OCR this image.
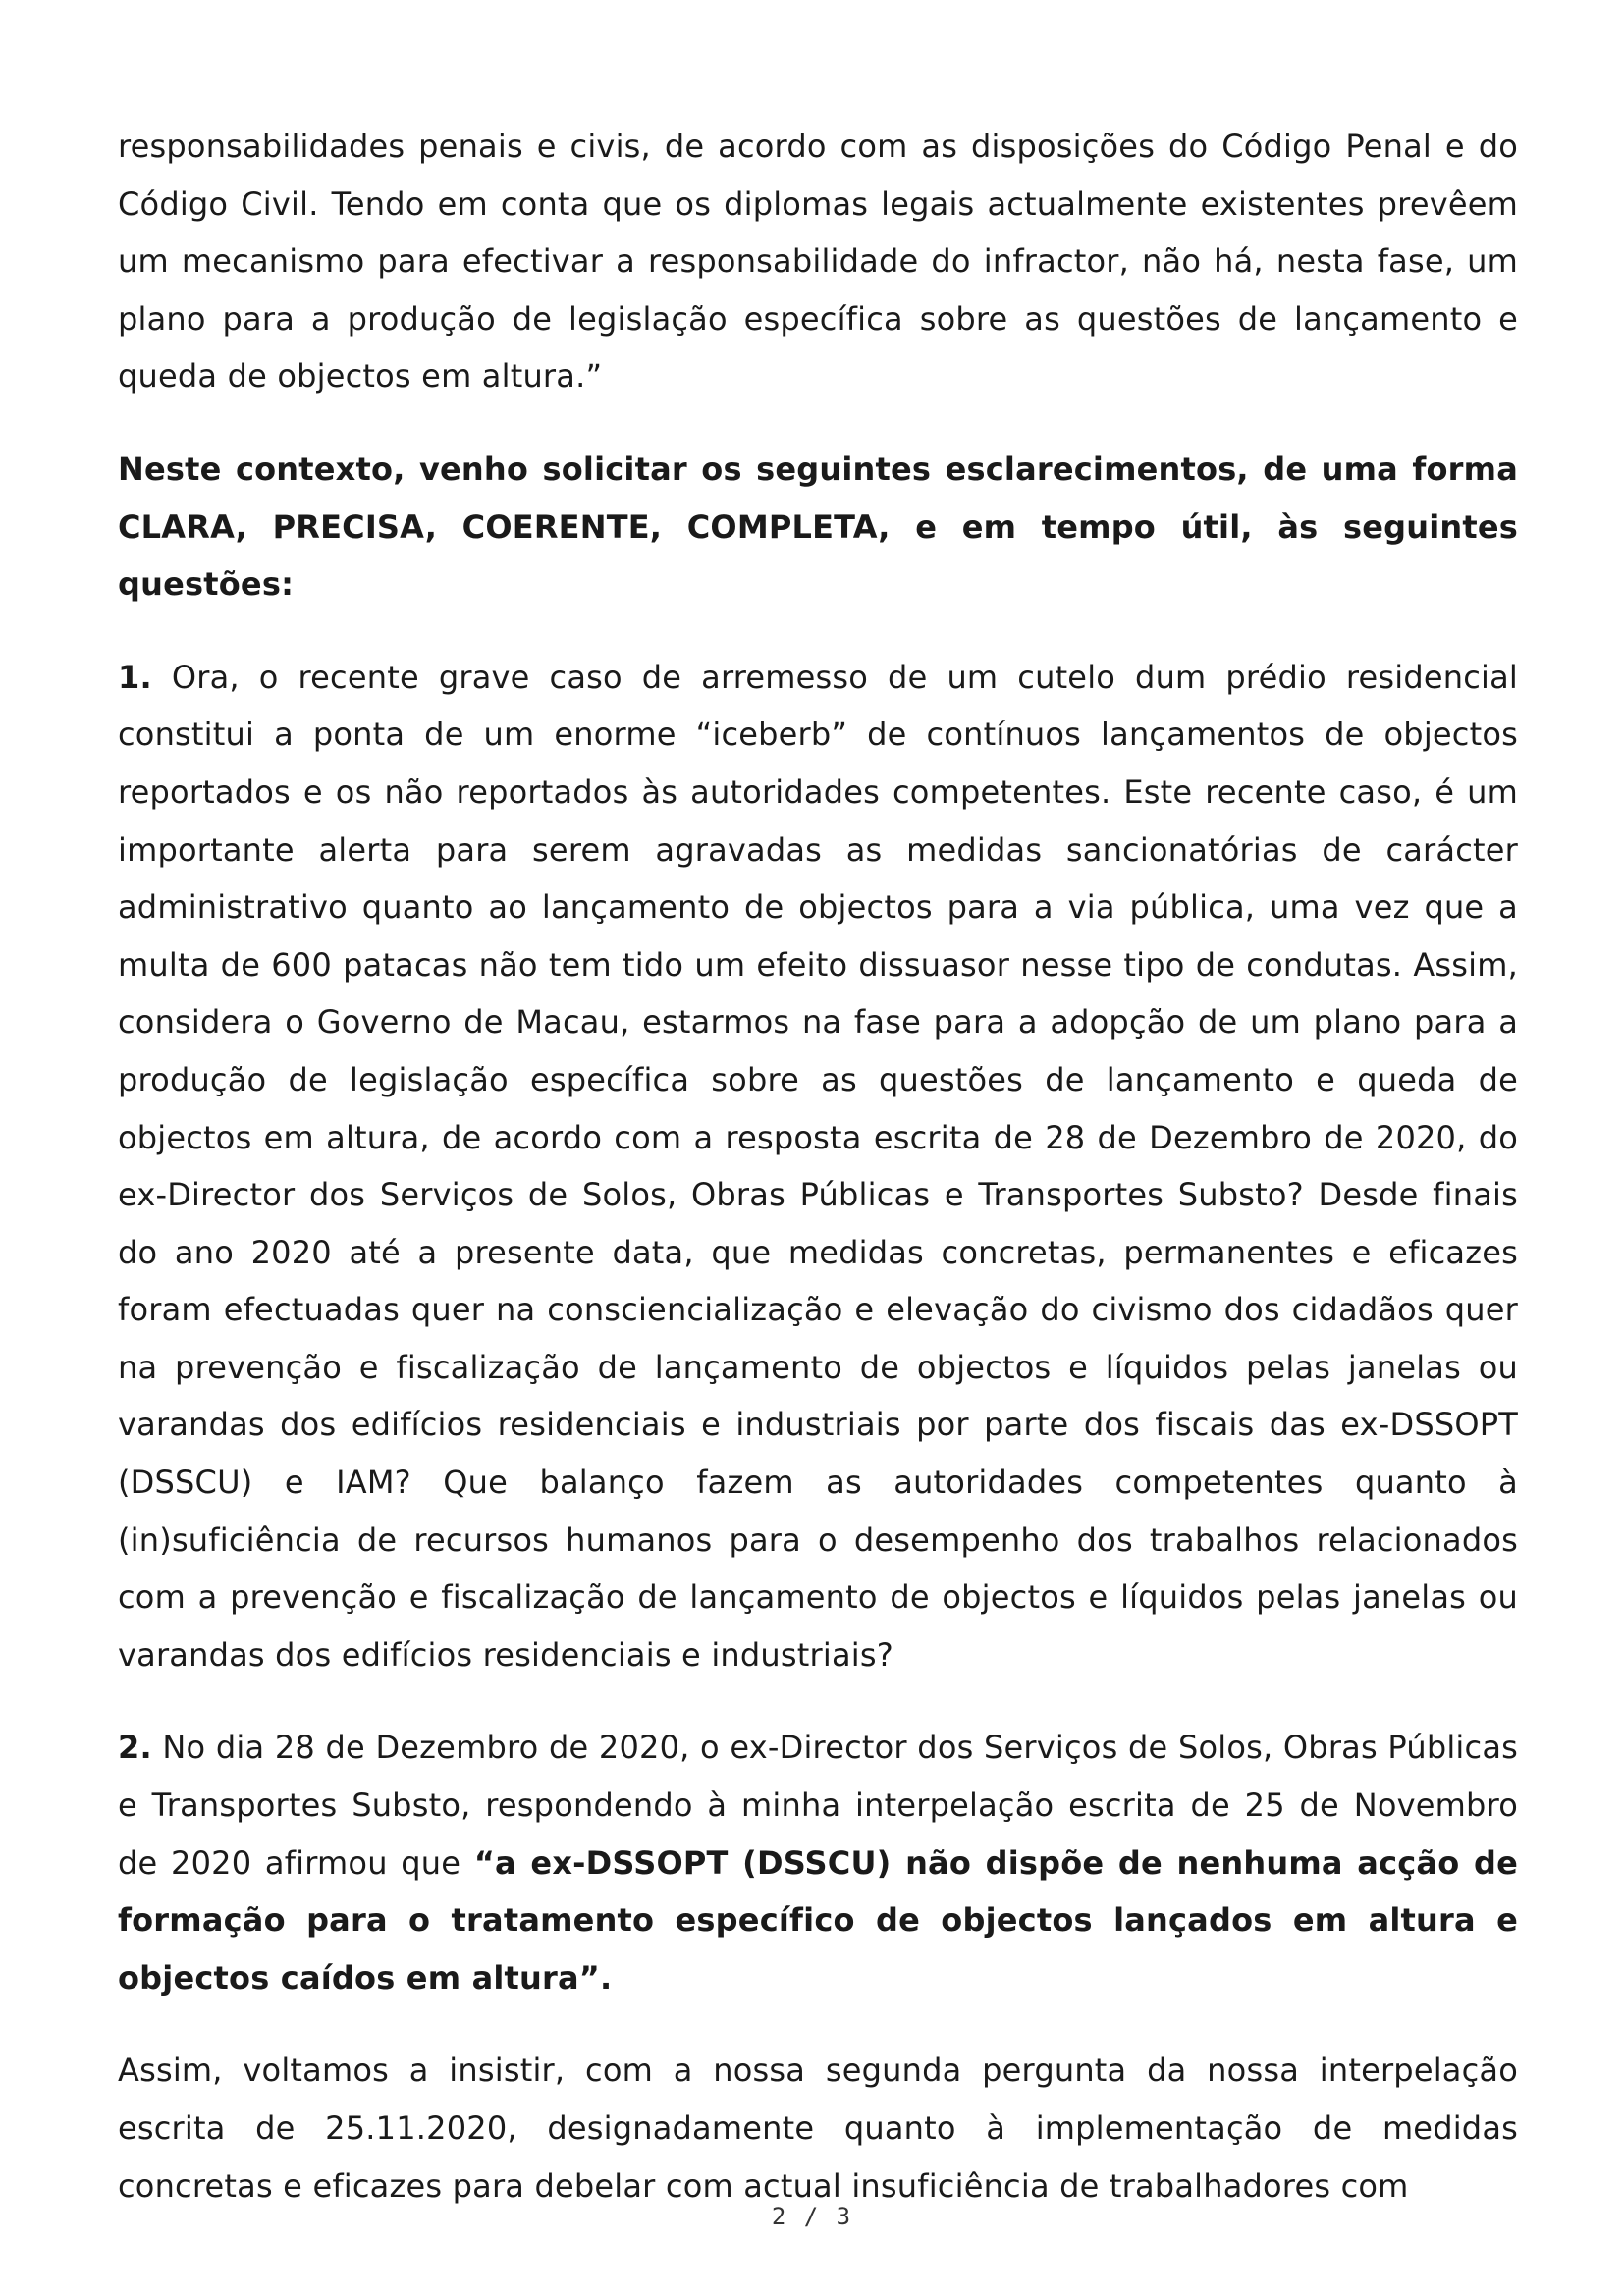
responsabilidades penais e civis, de acordo com as disposições do Código Penal e do Código Civil. Tendo em conta que os diplomas legais actualmente existentes prevêem um mecanismo para efectivar a responsabilidade do infractor, não há, nesta fase, um plano para a produção de legislação específica sobre as questões de lançamento e queda de objectos em altura.”

Neste contexto, venho solicitar os seguintes esclarecimentos, de uma forma CLARA, PRECISA, COERENTE, COMPLETA, e em tempo útil, às seguintes questões:

1. Ora, o recente grave caso de arremesso de um cutelo dum prédio residencial constitui a ponta de um enorme “iceberb” de contínuos lançamentos de objectos reportados e os não reportados às autoridades competentes. Este recente caso, é um importante alerta para serem agravadas as medidas sancionatórias de carácter administrativo quanto ao lançamento de objectos para a via pública, uma vez que a multa de 600 patacas não tem tido um efeito dissuasor nesse tipo de condutas. Assim, considera o Governo de Macau, estarmos na fase para a adopção de um plano para a produção de legislação específica sobre as questões de lançamento e queda de objectos em altura, de acordo com a resposta escrita de 28 de Dezembro de 2020, do ex-Director dos Serviços de Solos, Obras Públicas e Transportes Substo? Desde finais do ano 2020 até a presente data, que medidas concretas, permanentes e eficazes foram efectuadas quer na consciencialização e elevação do civismo dos cidadãos quer na prevenção e fiscalização de lançamento de objectos e líquidos pelas janelas ou varandas dos edifícios residenciais e industriais por parte dos fiscais das ex-DSSOPT (DSSCU) e IAM? Que balanço fazem as autoridades competentes quanto à (in)suficiência de recursos humanos para o desempenho dos trabalhos relacionados com a prevenção e fiscalização de lançamento de objectos e líquidos pelas janelas ou varandas dos edifícios residenciais e industriais?

2. No dia 28 de Dezembro de 2020, o ex-Director dos Serviços de Solos, Obras Públicas e Transportes Substo, respondendo à minha interpelação escrita de 25 de Novembro de 2020 afirmou que “a ex-DSSOPT (DSSCU) não dispõe de nenhuma acção de formação para o tratamento específico de objectos lançados em altura e objectos caídos em altura”.

Assim, voltamos a insistir, com a nossa segunda pergunta da nossa interpelação escrita de 25.11.2020, designadamente quanto à implementação de medidas concretas e eficazes para debelar com actual insuficiência de trabalhadores com

2 / 3
